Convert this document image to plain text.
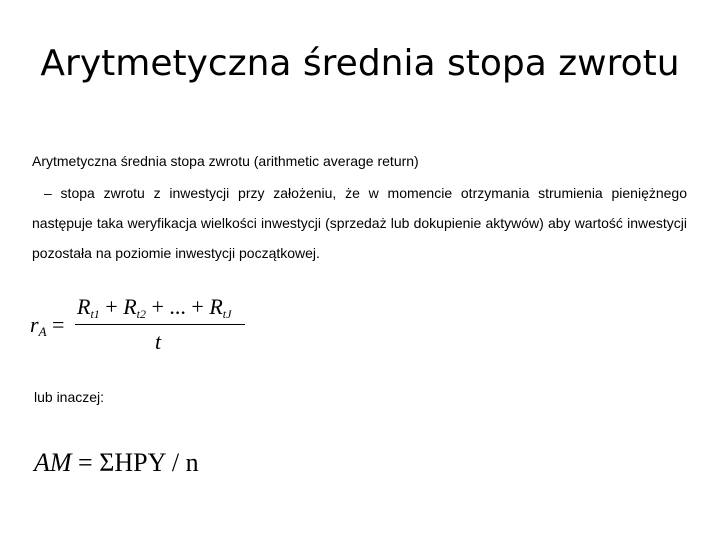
Arytmetyczna średnia stopa zwrotu
Arytmetyczna średnia stopa zwrotu (arithmetic average return)
– stopa zwrotu z inwestycji przy założeniu, że w momencie otrzymania strumienia pieniężnego następuje taka weryfikacja wielkości inwestycji (sprzedaż lub dokupienie aktywów) aby wartość inwestycji pozostała na poziomie inwestycji początkowej.
$r_A$ =
$R_{t1} + R_{t2}$ + ... + $R_{tJ}$
t
lub inaczej:
AM = ΣHPY / n
